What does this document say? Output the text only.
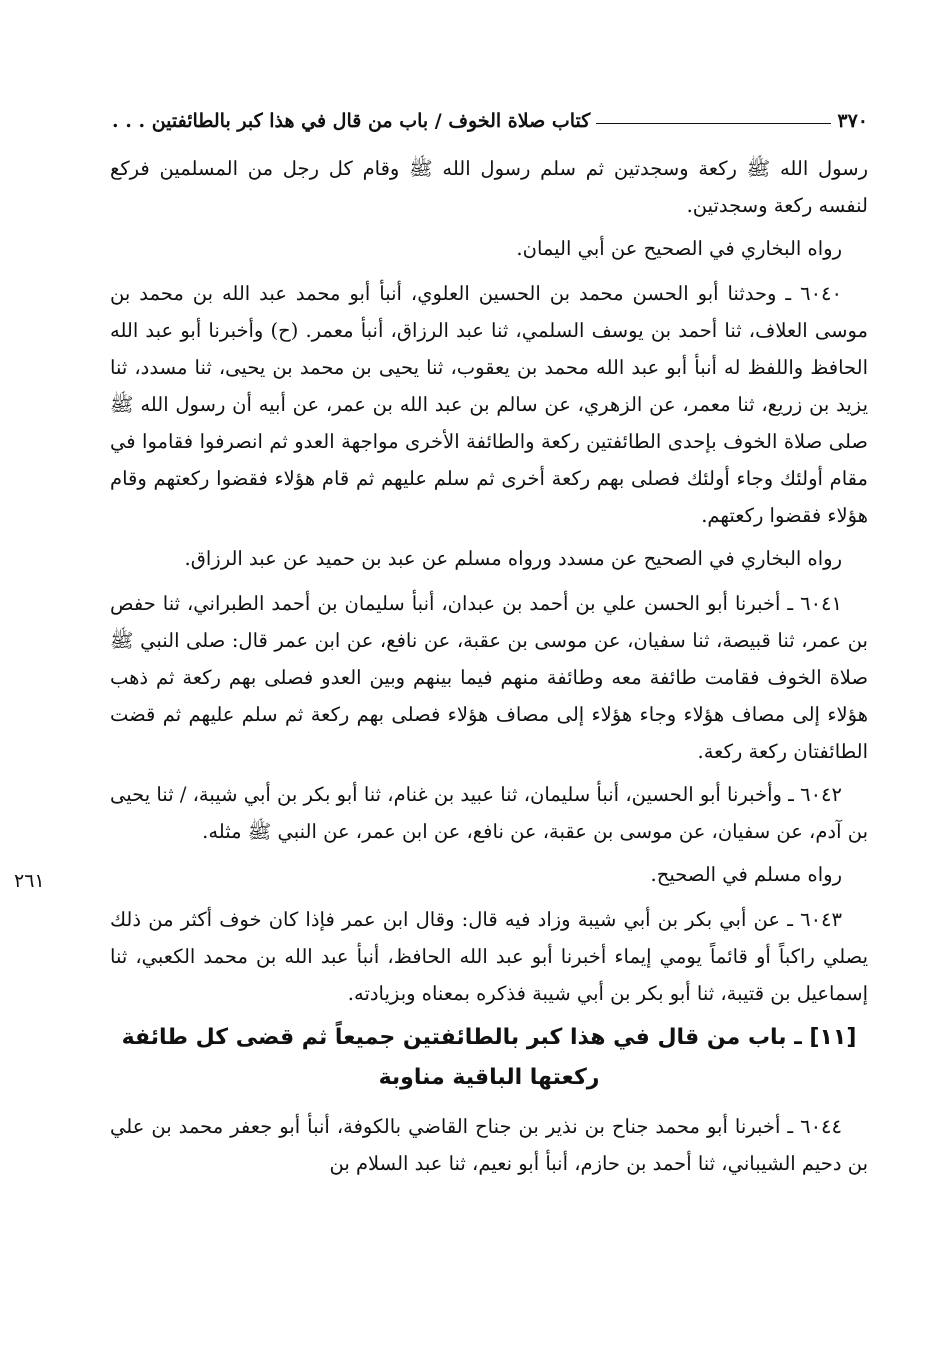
٣٧٠
كتاب صلاة الخوف / باب من قال في هذا كبر بالطائفتين . . .
٢٦١

رسول الله ﷺ ركعة وسجدتين ثم سلم رسول الله ﷺ وقام كل رجل من المسلمين فركع لنفسه ركعة وسجدتين.

رواه البخاري في الصحيح عن أبي اليمان.

٦٠٤٠ ـ وحدثنا أبو الحسن محمد بن الحسين العلوي، أنبأ أبو محمد عبد الله بن محمد بن موسى العلاف، ثنا أحمد بن يوسف السلمي، ثنا عبد الرزاق، أنبأ معمر. (ح) وأخبرنا أبو عبد الله الحافظ واللفظ له أنبأ أبو عبد الله محمد بن يعقوب، ثنا يحيى بن محمد بن يحيى، ثنا مسدد، ثنا يزيد بن زريع، ثنا معمر، عن الزهري، عن سالم بن عبد الله بن عمر، عن أبيه أن رسول الله ﷺ صلى صلاة الخوف بإحدى الطائفتين ركعة والطائفة الأخرى مواجهة العدو ثم انصرفوا فقاموا في مقام أولئك وجاء أولئك فصلى بهم ركعة أخرى ثم سلم عليهم ثم قام هؤلاء فقضوا ركعتهم وقام هؤلاء فقضوا ركعتهم.

رواه البخاري في الصحيح عن مسدد ورواه مسلم عن عبد بن حميد عن عبد الرزاق.

٦٠٤١ ـ أخبرنا أبو الحسن علي بن أحمد بن عبدان، أنبأ سليمان بن أحمد الطبراني، ثنا حفص بن عمر، ثنا قبيصة، ثنا سفيان، عن موسى بن عقبة، عن نافع، عن ابن عمر قال: صلى النبي ﷺ صلاة الخوف فقامت طائفة معه وطائفة منهم فيما بينهم وبين العدو فصلى بهم ركعة ثم ذهب هؤلاء إلى مصاف هؤلاء وجاء هؤلاء إلى مصاف هؤلاء فصلى بهم ركعة ثم سلم عليهم ثم قضت الطائفتان ركعة ركعة.

٦٠٤٢ ـ وأخبرنا أبو الحسين، أنبأ سليمان، ثنا عبيد بن غنام، ثنا أبو بكر بن أبي شيبة، / ثنا يحيى بن آدم، عن سفيان، عن موسى بن عقبة، عن نافع، عن ابن عمر، عن النبي ﷺ مثله.

رواه مسلم في الصحيح.

٦٠٤٣ ـ عن أبي بكر بن أبي شيبة وزاد فيه قال: وقال ابن عمر فإذا كان خوف أكثر من ذلك يصلي راكباً أو قائماً يومي إيماء أخبرنا أبو عبد الله الحافظ، أنبأ عبد الله بن محمد الكعبي، ثنا إسماعيل بن قتيبة، ثنا أبو بكر بن أبي شيبة فذكره بمعناه وبزيادته.

[١١] ـ باب من قال في هذا كبر بالطائفتين جميعاً ثم قضى كل طائفة ركعتها الباقية مناوبة

٦٠٤٤ ـ أخبرنا أبو محمد جناح بن نذير بن جناح القاضي بالكوفة، أنبأ أبو جعفر محمد بن علي بن دحيم الشيباني، ثنا أحمد بن حازم، أنبأ أبو نعيم، ثنا عبد السلام بن
